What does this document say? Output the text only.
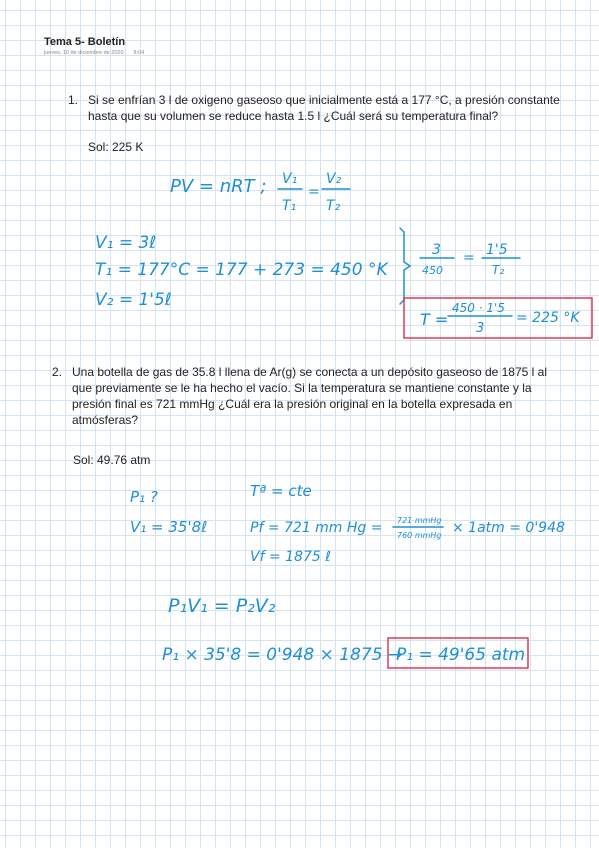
Tema 5- Boletín
jueves, 10 de diciembre de 2020 8:04
1. Si se enfrían 3 l de oxigeno gaseoso que inicialmente está a 177 °C, a presión constante
hasta que su volumen se reduce hasta 1.5 l ¿Cuál será su temperatura final?
Sol: 225 K
2. Una botella de gas de 35.8 l llena de Ar(g) se conecta a un depósito gaseoso de 1875 l al
que previamente se le ha hecho el vacío. Si la temperatura se mantiene constante y la
presión final es 721 mmHg ¿Cuál era la presión original en la botella expresada en
atmósferas?
Sol: 49.76 atm
PV = nRT ; V₁
T₁
=
V₂
T₂
V₁ = 3ℓ
T₁ = 177°C = 177 + 273 = 450 °K
V₂ = 1'5ℓ
3
450
= 1'5
T₂
T =
450 · 1'5
3
= 225 °K
P₁ ?
V₁ = 35'8ℓ
Tª = cte
Pf = 721 mm Hg = 721 mmHg
760 mmHg × 1atm = 0'948
Vf = 1875 ℓ
P₁V₁ = P₂V₂
P₁ × 35'8 = 0'948 × 1875 →
P₁ = 49'65 atm
